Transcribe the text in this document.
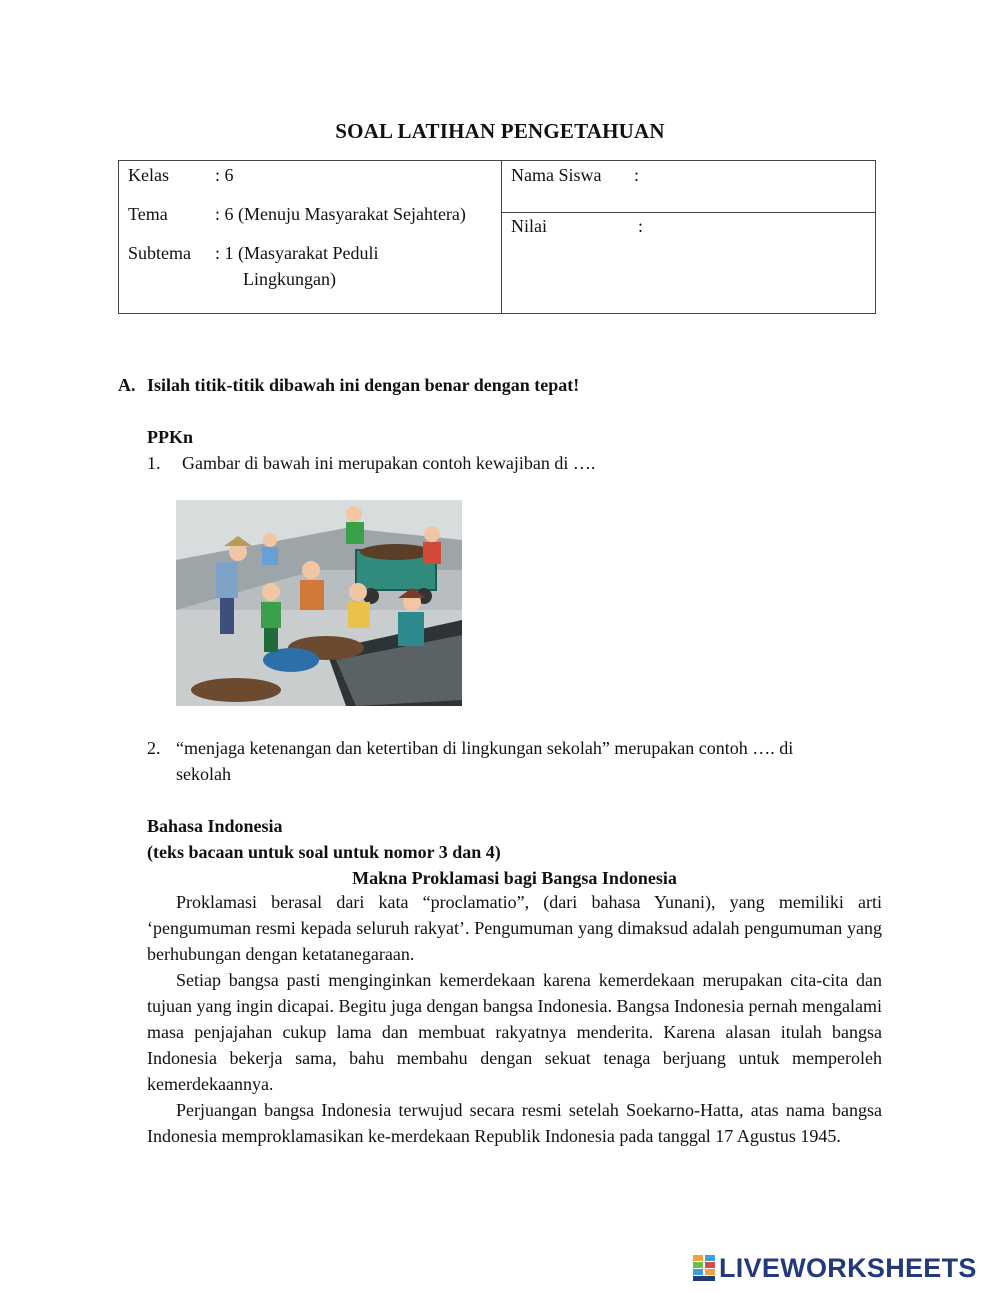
SOAL LATIHAN PENGETAHUAN
Kelas	: 6
Tema	: 6 (Menuju Masyarakat Sejahtera)
Subtema : 1 (Masyarakat Peduli
Lingkungan)
Nama Siswa :
Nilai	:
A. Isilah titik-titik dibawah ini dengan benar dengan tepat!
PPKn
1. Gambar di bawah ini merupakan contoh kewajiban di ….
2. “menjaga ketenangan dan ketertiban di lingkungan sekolah” merupakan contoh …. di
sekolah
Bahasa Indonesia
(teks bacaan untuk soal untuk nomor 3 dan 4)
Makna Proklamasi bagi Bangsa Indonesia

Proklamasi berasal dari kata “proclamatio”, (dari bahasa Yunani), yang memiliki arti ‘pengumuman resmi kepada seluruh rakyat’. Pengumuman yang dimaksud adalah pengumuman yang berhubungan dengan ketatanegaraan.

Setiap bangsa pasti menginginkan kemerdekaan karena kemerdekaan merupakan cita-cita dan tujuan yang ingin dicapai. Begitu juga dengan bangsa Indonesia. Bangsa Indonesia pernah mengalami masa penjajahan cukup lama dan membuat rakyatnya menderita. Karena alasan itulah bangsa Indonesia bekerja sama, bahu membahu dengan sekuat tenaga berjuang untuk memperoleh kemerdekaannya.

Perjuangan bangsa Indonesia terwujud secara resmi setelah Soekarno-Hatta, atas nama bangsa Indonesia memproklamasikan ke-merdekaan Republik Indonesia pada tanggal 17 Agustus 1945.

LIVEWORKSHEETS
